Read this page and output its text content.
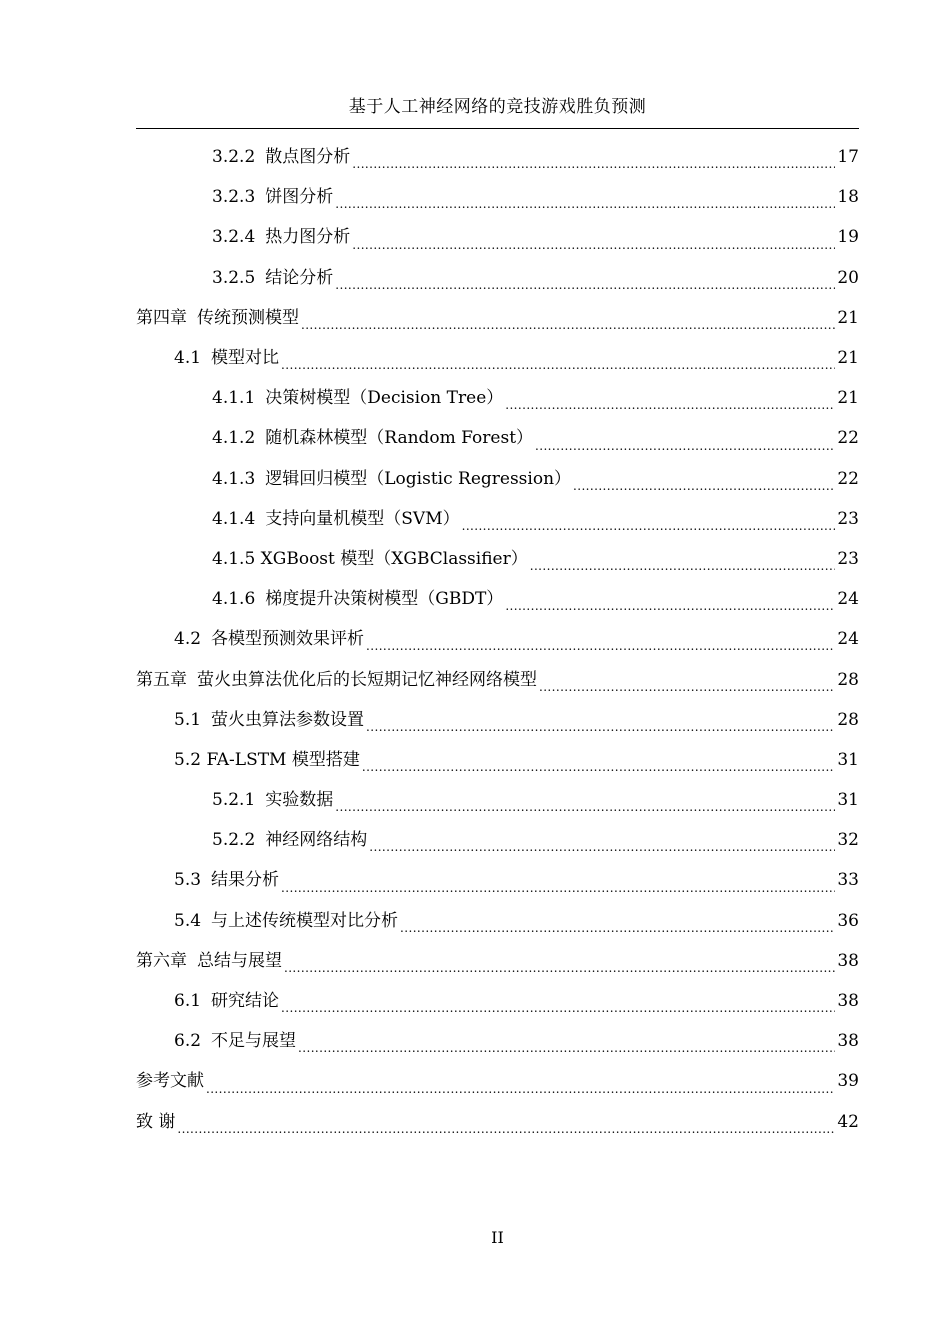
基于人工神经网络的竞技游戏胜负预测
3.2.2 散点图分析 .....	17
3.2.3 饼图分析 .....	18
3.2.4 热力图分析 .....	19
3.2.5 结论分析 .....	20
第四章 传统预测模型 .....	21
4.1 模型对比 .....	21
4.1.1 决策树模型（Decision Tree） .....	21
4.1.2 随机森林模型（Random Forest） .....	22
4.1.3 逻辑回归模型（Logistic Regression） .....	22
4.1.4 支持向量机模型（SVM） .....	23
4.1.5 XGBoost 模型（XGBClassifier） .....	23
4.1.6 梯度提升决策树模型（GBDT） .....	24
4.2 各模型预测效果评析 .....	24
第五章 萤火虫算法优化后的长短期记忆神经网络模型 .....	28
5.1 萤火虫算法参数设置 .....	28
5.2 FA-LSTM 模型搭建 .....	31
5.2.1 实验数据 .....	31
5.2.2 神经网络结构 .....	32
5.3 结果分析 .....	33
5.4 与上述传统模型对比分析 .....	36
第六章 总结与展望 .....	38
6.1 研究结论 .....	38
6.2 不足与展望 .....	38
参考文献 .....	39
致 谢 .....	42
II
